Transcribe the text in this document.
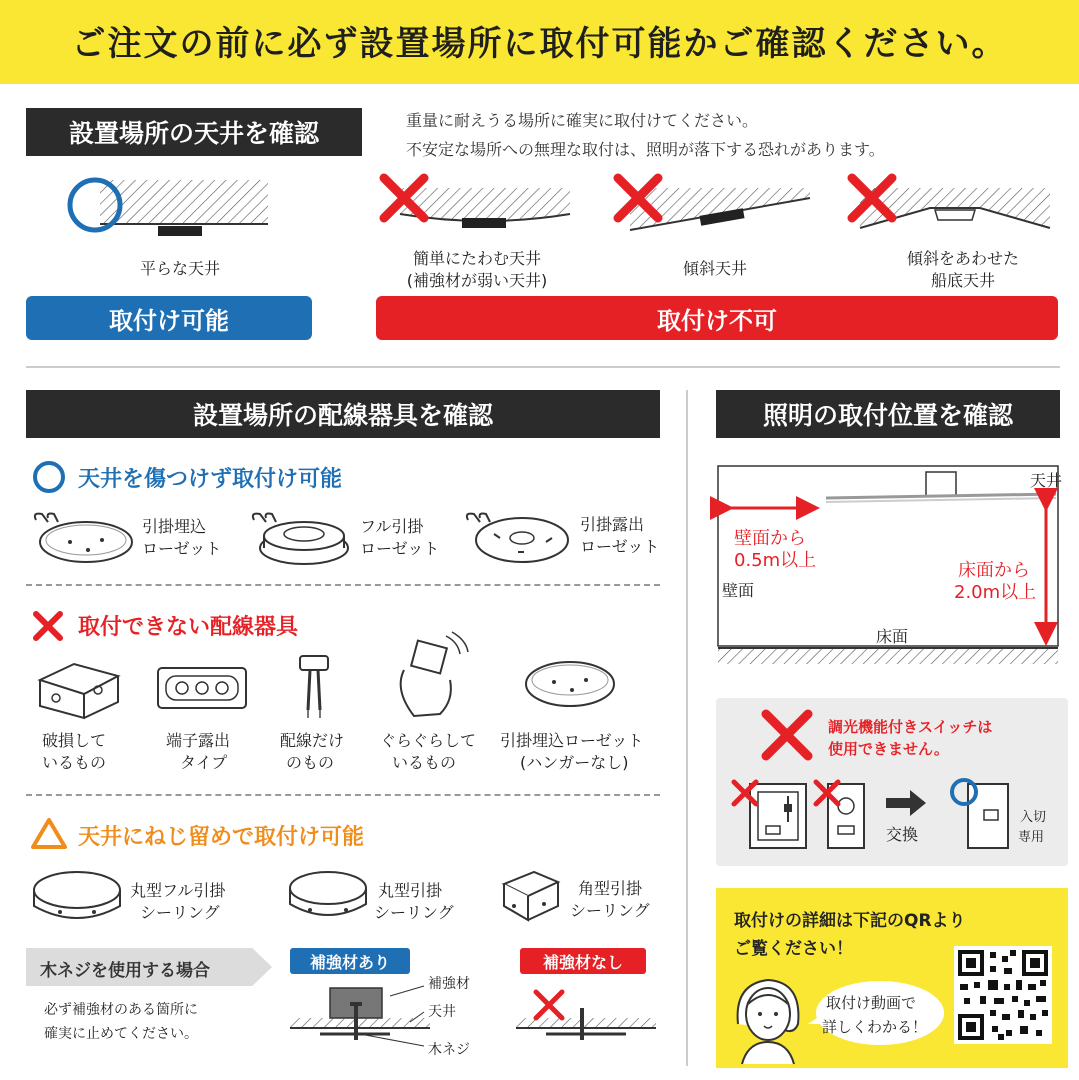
ご注文の前に必ず設置場所に取付可能かご確認ください。
設置場所の天井を確認	重量に耐えうる場所に確実に取付けてください。
不安定な場所への無理な取付は、照明が落下する恐れがあります。
平らな天井
簡単にたわむ天井
(補強材が弱い天井)
傾斜天井
傾斜をあわせた
船底天井
取付け可能	取付け不可
設置場所の配線器具を確認
天井を傷つけず取付け可能
引掛埋込
ローゼット
フル引掛
ローゼット
引掛露出
ローゼット
取付できない配線器具
破損して
いるもの
端子露出
タイプ
配線だけ
のもの
ぐらぐらして
いるもの
引掛埋込ローゼット
(ハンガーなし)
天井にねじ留めで取付け可能
丸型フル引掛
シーリング
丸型引掛
シーリング
角型引掛
シーリング
木ネジを使用する場合
必ず補強材のある箇所に
確実に止めてください。
補強材あり
補強材
天井
木ネジ
補強材なし
照明の取付位置を確認
天井
壁面から
0.5m以上
壁面
床面から
2.0m以上
床面
調光機能付きスイッチは
使用できません。
交換
入切
専用
取付けの詳細は下記のQRより
ご覧ください！
取付け動画で
詳しくわかる！
